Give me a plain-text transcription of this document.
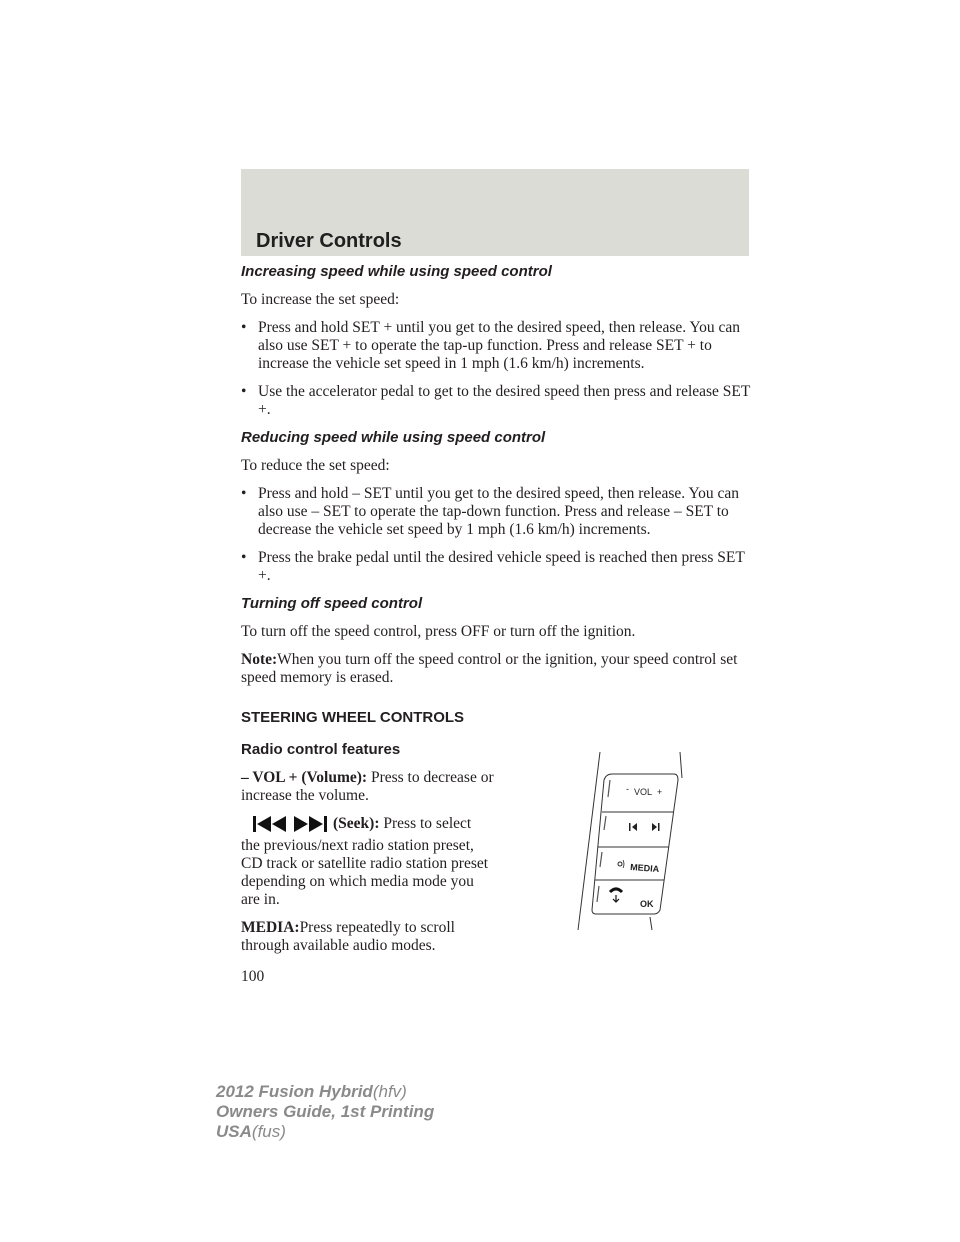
Driver Controls
Increasing speed while using speed control

To increase the set speed:

• Press and hold SET + until you get to the desired speed, then release. You can also use SET + to operate the tap-up function. Press and release SET + to increase the vehicle set speed in 1 mph (1.6 km/h) increments.
• Use the accelerator pedal to get to the desired speed then press and release SET +.
Reducing speed while using speed control

To reduce the set speed:

• Press and hold – SET until you get to the desired speed, then release. You can also use – SET to operate the tap-down function. Press and release – SET to decrease the vehicle set speed by 1 mph (1.6 km/h) increments.
• Press the brake pedal until the desired vehicle speed is reached then press SET +.
Turning off speed control

To turn off the speed control, press OFF or turn off the ignition.

Note:When you turn off the speed control or the ignition, your speed control set speed memory is erased.

STEERING WHEEL CONTROLS
Radio control features

– VOL + (Volume): Press to decrease or increase the volume.

(Seek):
Press to select
the previous/next radio station preset, CD track or satellite radio station preset depending on which media mode you are in.

MEDIA:Press repeatedly to scroll through available audio modes.

- VOL +
MEDIA
OK
100
2012 Fusion Hybrid(hfv)
Owners Guide, 1st Printing
USA(fus)
